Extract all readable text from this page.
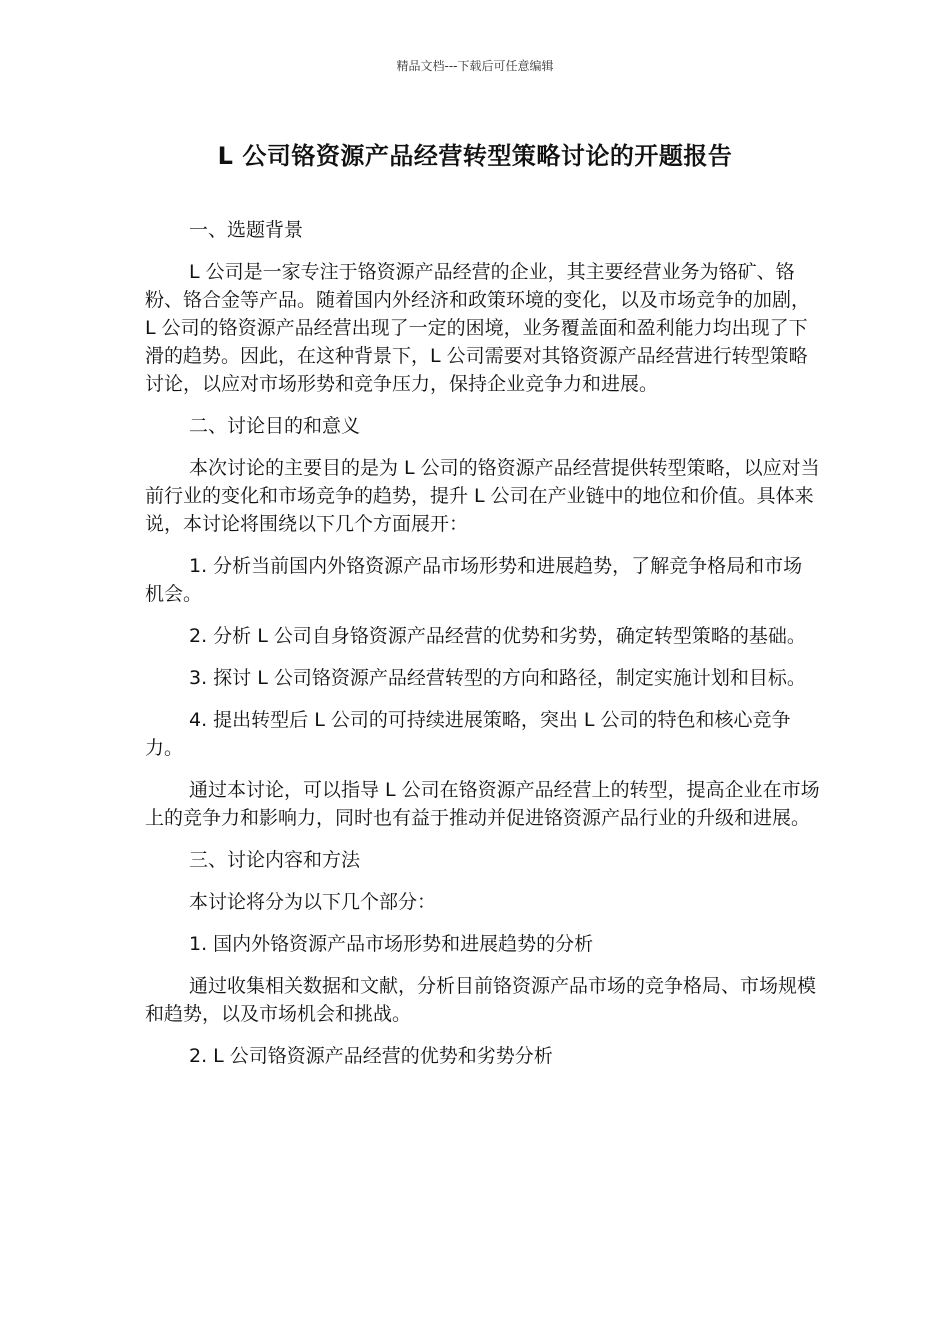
精品文档---下载后可任意编辑
L 公司铬资源产品经营转型策略讨论的开题报告
一、选题背景
L 公司是一家专注于铬资源产品经营的企业，其主要经营业务为铬矿、铬粉、铬合金等产品。随着国内外经济和政策环境的变化，以及市场竞争的加剧，L 公司的铬资源产品经营出现了一定的困境，业务覆盖面和盈利能力均出现了下滑的趋势。因此，在这种背景下，L 公司需要对其铬资源产品经营进行转型策略讨论，以应对市场形势和竞争压力，保持企业竞争力和进展。
二、讨论目的和意义
本次讨论的主要目的是为 L 公司的铬资源产品经营提供转型策略，以应对当前行业的变化和市场竞争的趋势，提升 L 公司在产业链中的地位和价值。具体来说，本讨论将围绕以下几个方面展开：
1. 分析当前国内外铬资源产品市场形势和进展趋势，了解竞争格局和市场机会。
2. 分析 L 公司自身铬资源产品经营的优势和劣势，确定转型策略的基础。
3. 探讨 L 公司铬资源产品经营转型的方向和路径，制定实施计划和目标。
4. 提出转型后 L 公司的可持续进展策略，突出 L 公司的特色和核心竞争力。
通过本讨论，可以指导 L 公司在铬资源产品经营上的转型，提高企业在市场上的竞争力和影响力，同时也有益于推动并促进铬资源产品行业的升级和进展。
三、讨论内容和方法
本讨论将分为以下几个部分：
1. 国内外铬资源产品市场形势和进展趋势的分析
通过收集相关数据和文献，分析目前铬资源产品市场的竞争格局、市场规模和趋势，以及市场机会和挑战。
2. L 公司铬资源产品经营的优势和劣势分析
